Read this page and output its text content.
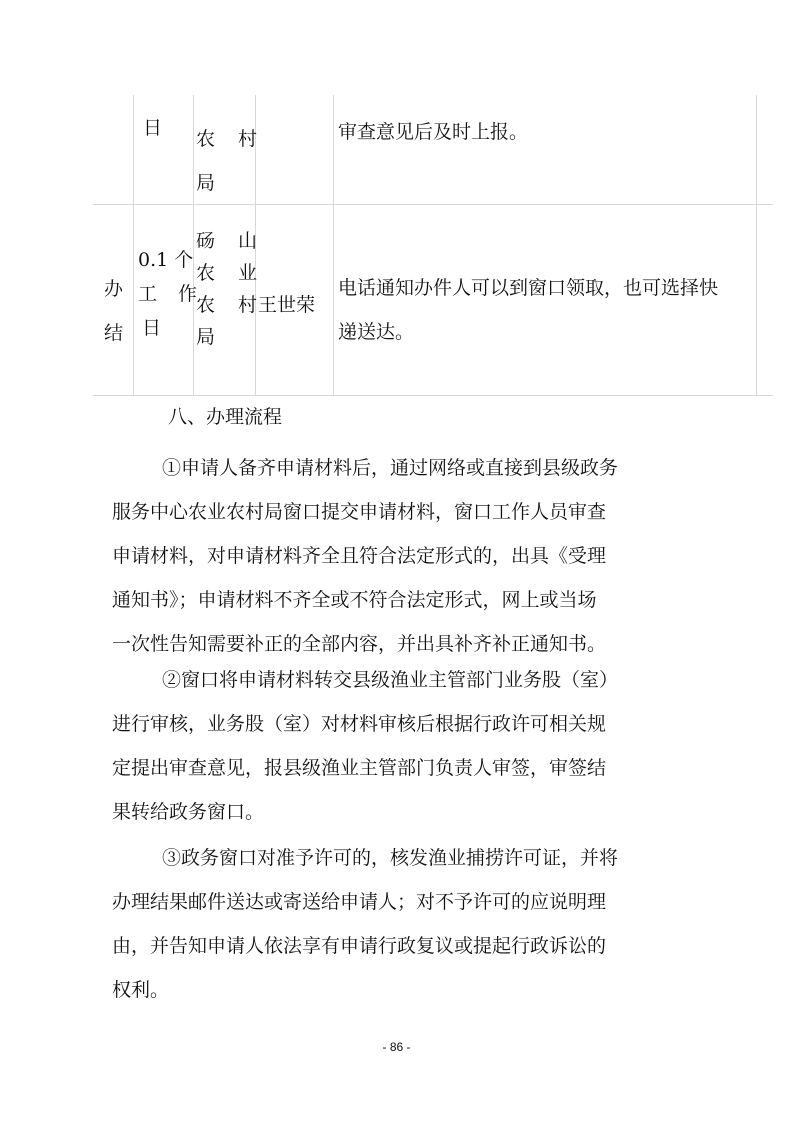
日 农　村
局
审查意见后及时上报。
办
结
0.1 个
工　作
日
砀　山
农　业
农　村
局
王世荣
电话通知办件人可以到窗口领取，也可选择快
递送达。
八、办理流程
①申请人备齐申请材料后，通过网络或直接到县级政务
服务中心农业农村局窗口提交申请材料，窗口工作人员审查
申请材料，对申请材料齐全且符合法定形式的，出具《受理
通知书》；申请材料不齐全或不符合法定形式，网上或当场
一次性告知需要补正的全部内容，并出具补齐补正通知书。
②窗口将申请材料转交县级渔业主管部门业务股（室）
进行审核，业务股（室）对材料审核后根据行政许可相关规
定提出审查意见，报县级渔业主管部门负责人审签，审签结
果转给政务窗口。
③政务窗口对准予许可的，核发渔业捕捞许可证，并将
办理结果邮件送达或寄送给申请人；对不予许可的应说明理
由，并告知申请人依法享有申请行政复议或提起行政诉讼的
权利。
- 86 -
